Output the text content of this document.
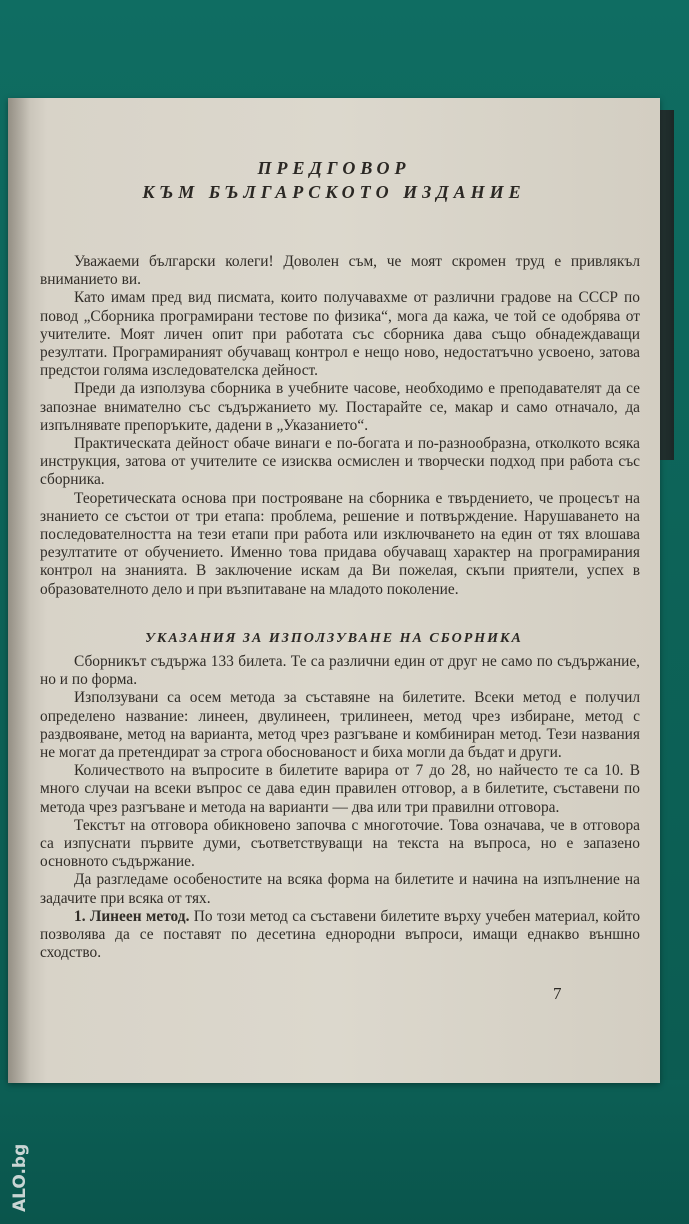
ПРЕДГОВОР
КЪМ БЪЛГАРСКОТО ИЗДАНИЕ

Уважаеми български колеги! Доволен съм, че моят скромен труд е привлякъл вниманието ви.

Като имам пред вид писмата, които получавахме от различни градове на СССР по повод „Сборника програмирани тестове по физика“, мога да кажа, че той се одобрява от учителите. Моят личен опит при работата със сборника дава също обнадеждаващи резултати. Програмираният обучаващ контрол е нещо ново, недостатъчно усвоено, затова предстои голяма изследователска дейност.

Преди да използува сборника в учебните часове, необходимо е преподавателят да се запознае внимателно със съдържанието му. Постарайте се, макар и само отначало, да изпълнявате препоръките, дадени в „Указанието“.

Практическата дейност обаче винаги е по-богата и по-разнообразна, отколкото всяка инструкция, затова от учителите се изисква осмислен и творчески подход при работа със сборника.

Теоретическата основа при построяване на сборника е твърдението, че процесът на знанието се състои от три етапа: проблема, решение и потвърждение. Нарушаването на последователността на тези етапи при работа или изключването на един от тях влошава резултатите от обучението. Именно това придава обучаващ характер на програмирания контрол на знанията. В заключение искам да Ви пожелая, скъпи приятели, успех в образователното дело и при възпитаване на младото поколение.

УКАЗАНИЯ ЗА ИЗПОЛЗУВАНЕ НА СБОРНИКА

Сборникът съдържа 133 билета. Те са различни един от друг не само по съдържание, но и по форма.

Използувани са осем метода за съставяне на билетите. Всеки метод е получил определено название: линеен, двулинеен, трилинеен, метод чрез избиране, метод с раздвояване, метод на варианта, метод чрез разгъване и комбиниран метод. Тези названия не могат да претендират за строга обоснованост и биха могли да бъдат и други.

Количеството на въпросите в билетите варира от 7 до 28, но найчесто те са 10. В много случаи на всеки въпрос се дава един правилен отговор, а в билетите, съставени по метода чрез разгъване и метода на варианти — два или три правилни отговора.

Текстът на отговора обикновено започва с многоточие. Това означава, че в отговора са изпуснати първите думи, съответствуващи на текста на въпроса, но е запазено основното съдържание.

Да разгледаме особеностите на всяка форма на билетите и начина на изпълнение на задачите при всяка от тях.

1. Линеен метод. По този метод са съставени билетите върху учебен материал, който позволява да се поставят по десетина еднородни въпроси, имащи еднакво външно сходство.

7
ALO.bg
